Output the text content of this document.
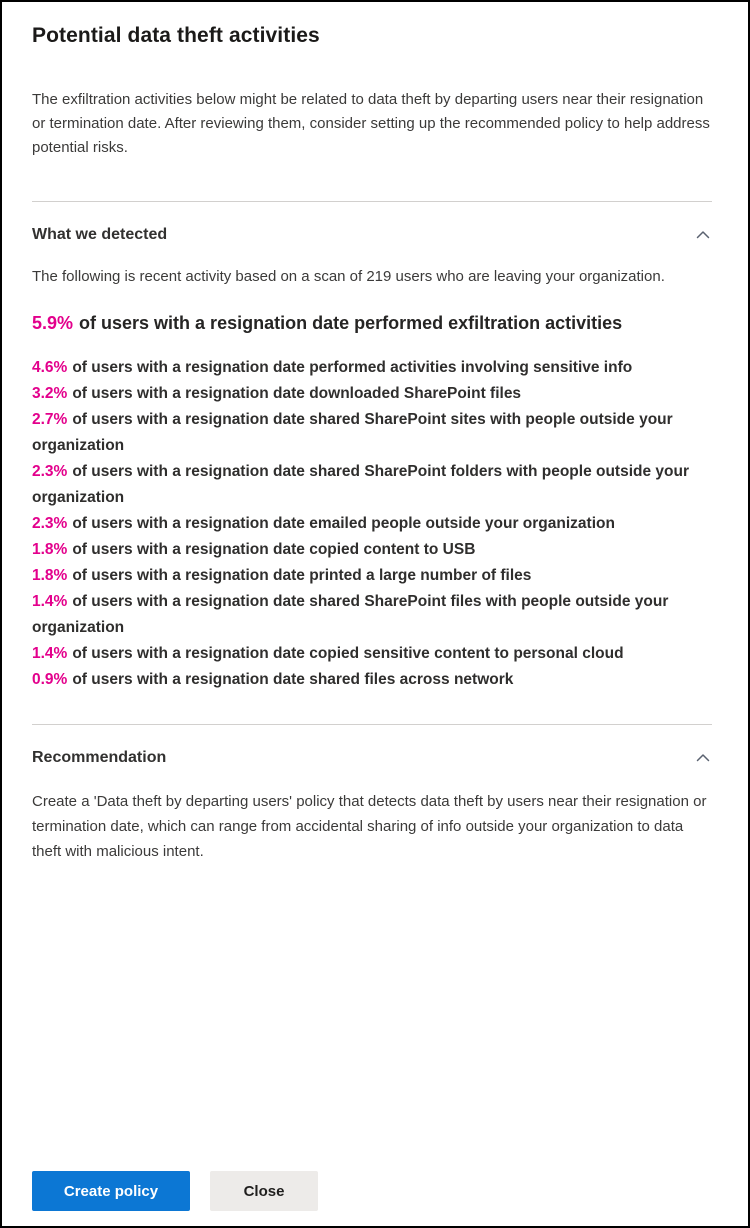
Potential data theft activities

The exfiltration activities below might be related to data theft by departing users near their resignation or termination date. After reviewing them, consider setting up the recommended policy to help address potential risks.

What we detected

The following is recent activity based on a scan of 219 users who are leaving your organization.

5.9% of users with a resignation date performed exfiltration activities

4.6% of users with a resignation date performed activities involving sensitive info

3.2% of users with a resignation date downloaded SharePoint files

2.7% of users with a resignation date shared SharePoint sites with people outside your organization

2.3% of users with a resignation date shared SharePoint folders with people outside your organization

2.3% of users with a resignation date emailed people outside your organization

1.8% of users with a resignation date copied content to USB

1.8% of users with a resignation date printed a large number of files

1.4% of users with a resignation date shared SharePoint files with people outside your organization

1.4% of users with a resignation date copied sensitive content to personal cloud

0.9% of users with a resignation date shared files across network

Recommendation

Create a 'Data theft by departing users' policy that detects data theft by users near their resignation or termination date, which can range from accidental sharing of info outside your organization to data theft with malicious intent.

Create policy	Close
